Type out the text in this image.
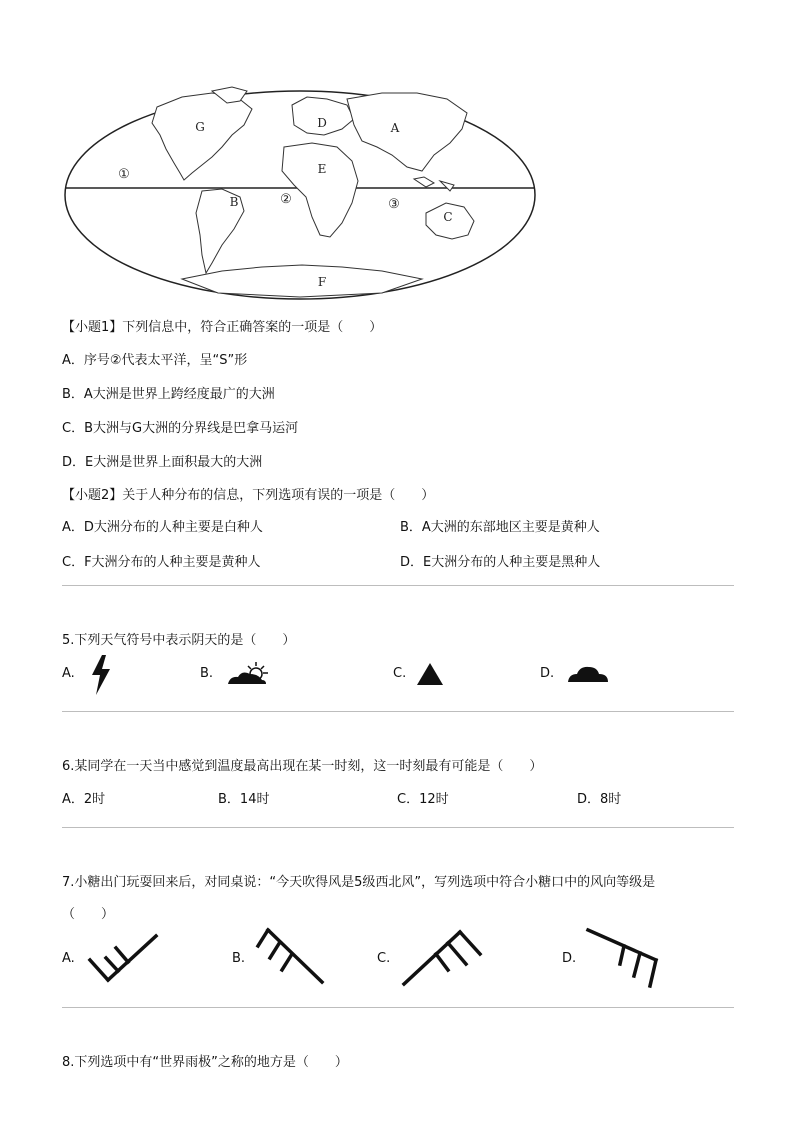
G	D	A
E
B
C
F
①
②	③
【小题1】下列信息中，符合正确答案的一项是（　　）
A．序号②代表太平洋，呈“S”形
B．A大洲是世界上跨经度最广的大洲
C．B大洲与G大洲的分界线是巴拿马运河
D．E大洲是世界上面积最大的大洲
【小题2】关于人种分布的信息，下列选项有误的一项是（　　）
A．D大洲分布的人种主要是白种人	B．A大洲的东部地区主要是黄种人
C．F大洲分布的人种主要是黄种人	D．E大洲分布的人种主要是黑种人
5.下列天气符号中表示阴天的是（　　）
A.	B.	C.	D.
6.某同学在一天当中感觉到温度最高出现在某一时刻，这一时刻最有可能是（　　）
A．2时	B．14时	C．12时	D．8时
7.小糖出门玩耍回来后，对同桌说：“今天吹得风是5级西北风”，写列选项中符合小糖口中的风向等级是
（　　）
A.	B.	C.	D.
8.下列选项中有“世界雨极”之称的地方是（　　）
